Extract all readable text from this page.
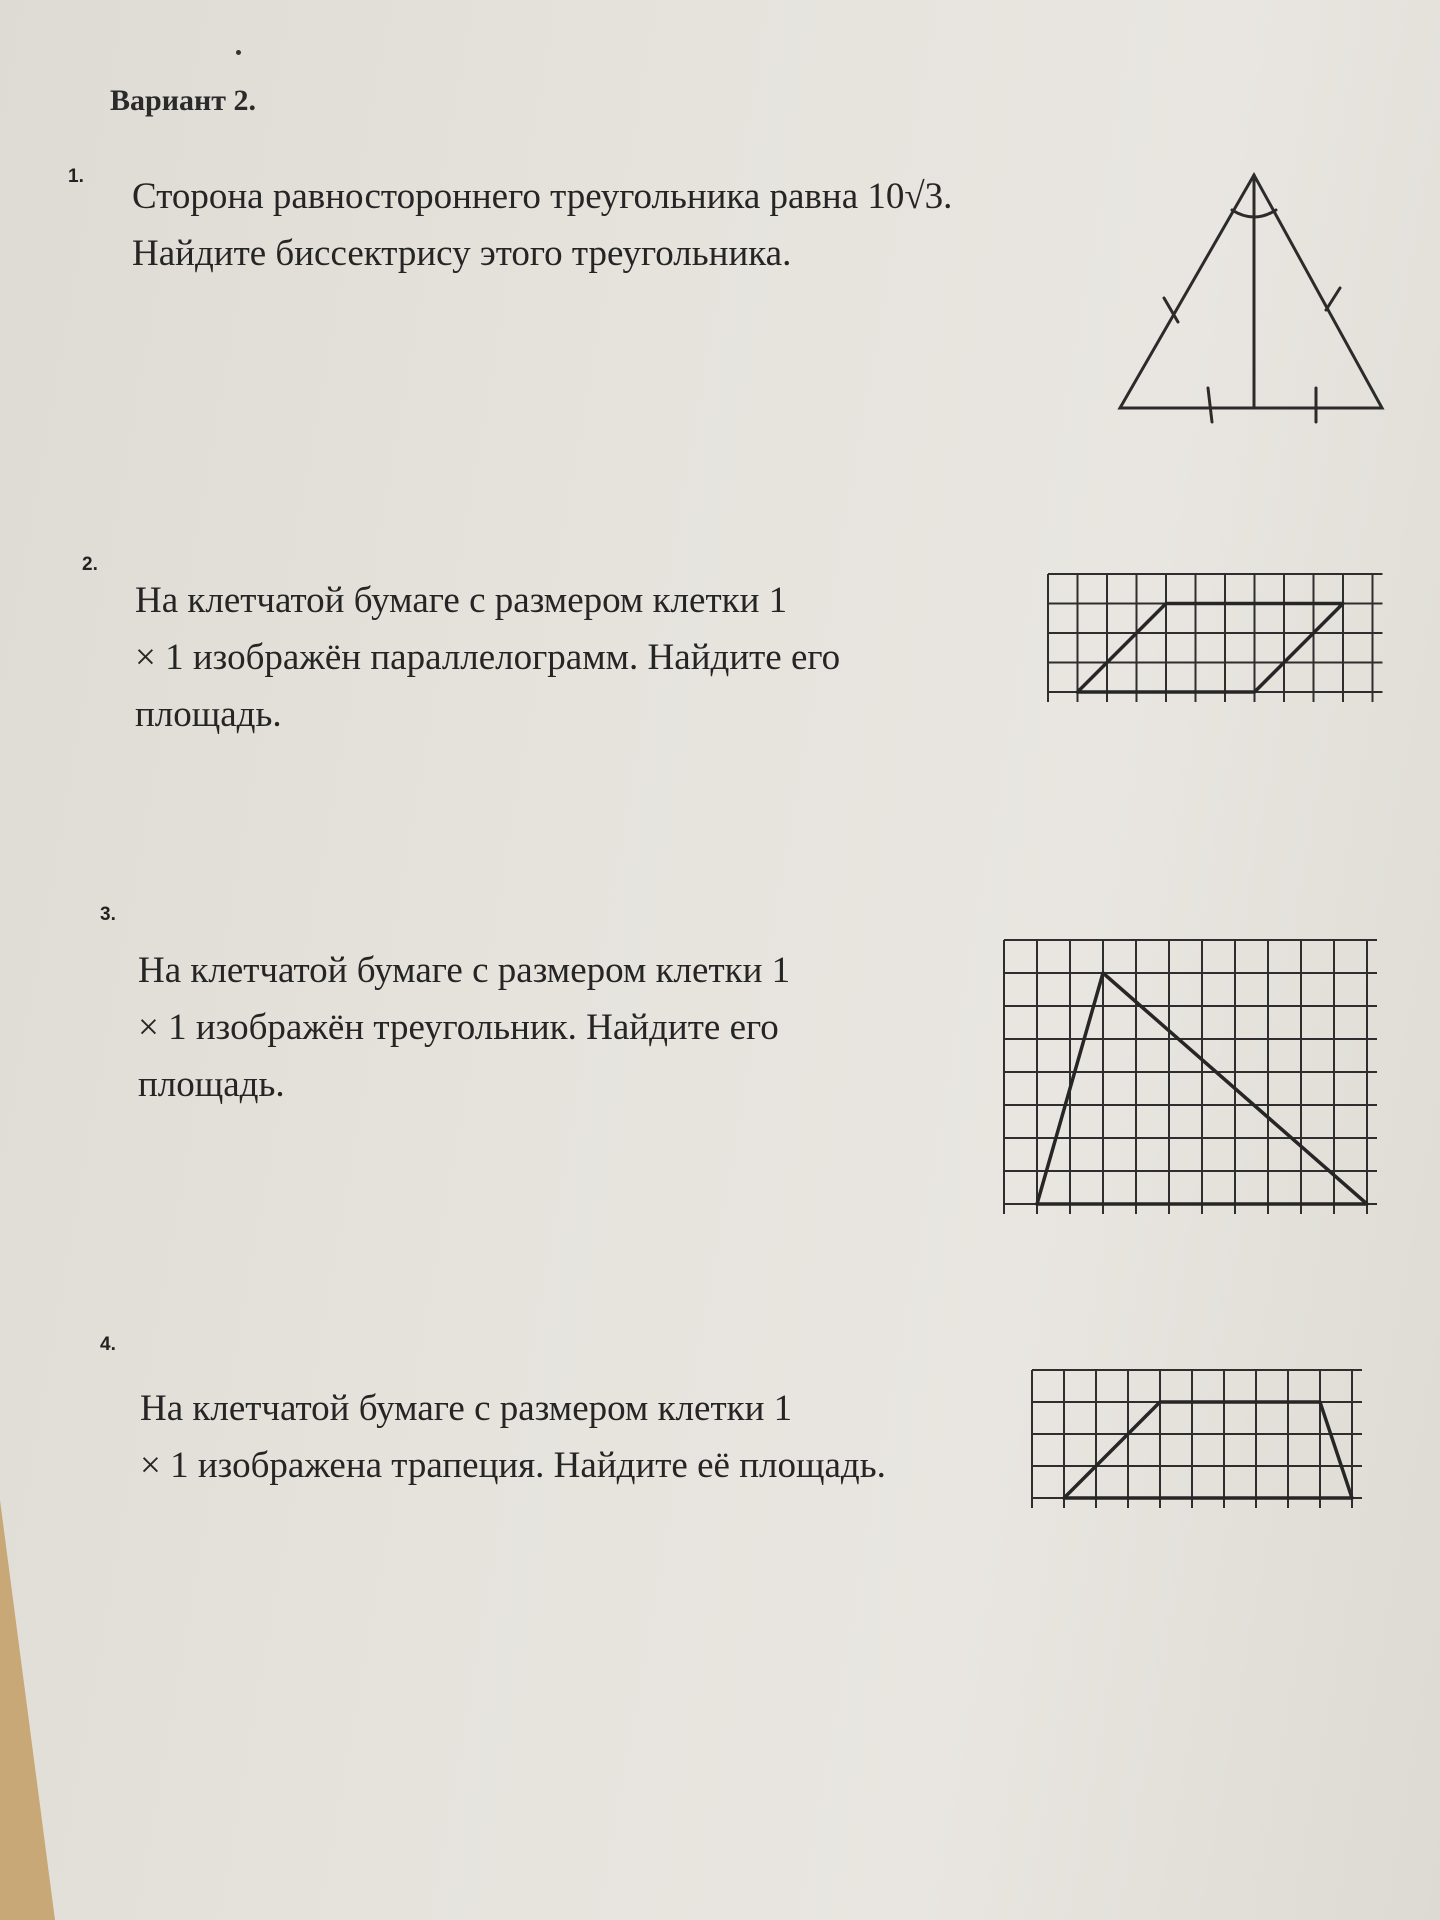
Вариант 2.
1. Сторона равностороннего треугольника равна 10√3.

Найдите биссектрису этого треугольника.

2.

На клетчатой бумаге с размером клетки 1

× 1 изображён параллелограмм. Найдите его

площадь.

3.

На клетчатой бумаге с размером клетки 1

× 1 изображён треугольник. Найдите его

площадь.

4.

На клетчатой бумаге с размером клетки 1

× 1 изображена трапеция. Найдите её площадь.
